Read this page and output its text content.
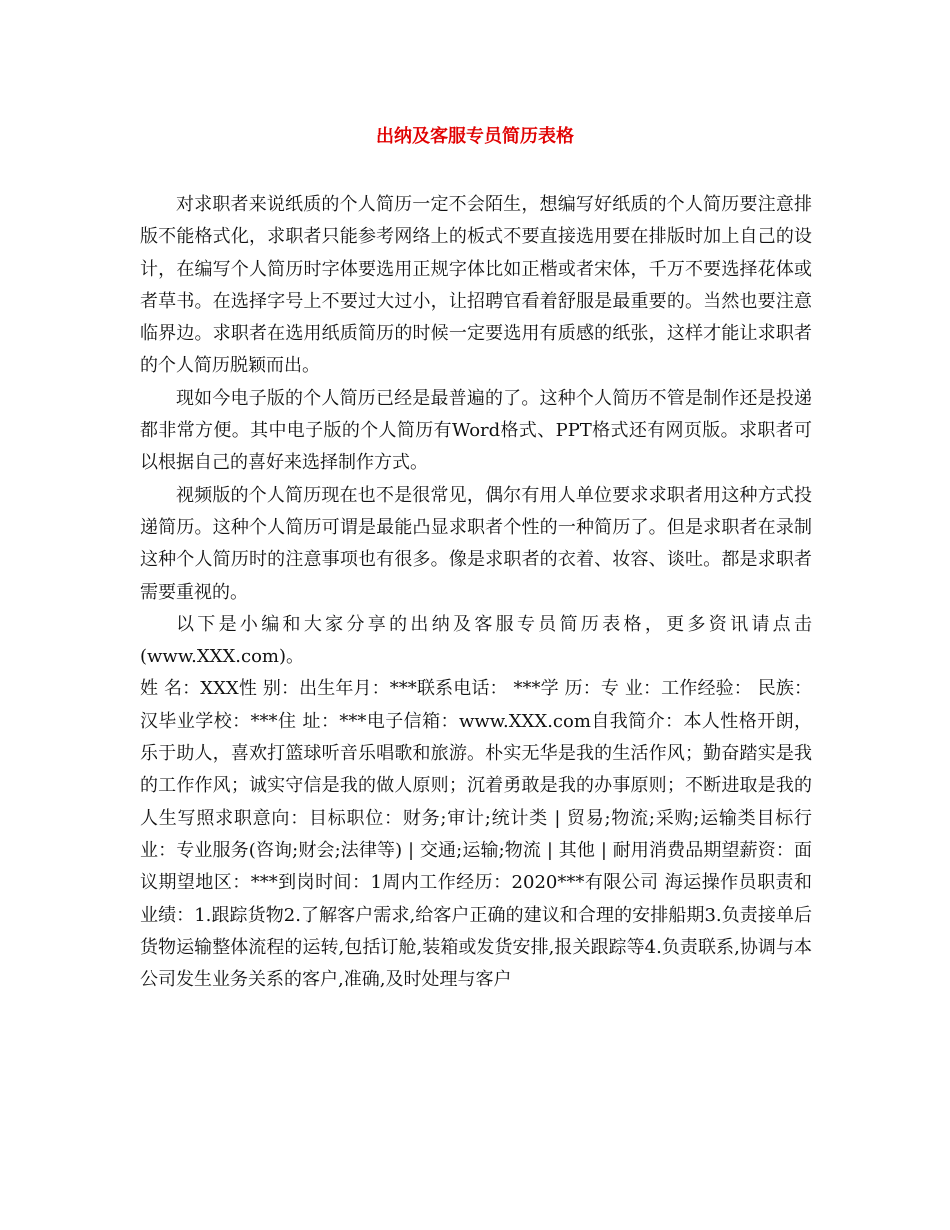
出纳及客服专员简历表格

对求职者来说纸质的个人简历一定不会陌生，想编写好纸质的个人简历要注意排版不能格式化，求职者只能参考网络上的板式不要直接选用要在排版时加上自己的设计，在编写个人简历时字体要选用正规字体比如正楷或者宋体，千万不要选择花体或者草书。在选择字号上不要过大过小，让招聘官看着舒服是最重要的。当然也要注意临界边。求职者在选用纸质简历的时候一定要选用有质感的纸张，这样才能让求职者的个人简历脱颖而出。

现如今电子版的个人简历已经是最普遍的了。这种个人简历不管是制作还是投递都非常方便。其中电子版的个人简历有Word格式、PPT格式还有网页版。求职者可以根据自己的喜好来选择制作方式。

视频版的个人简历现在也不是很常见，偶尔有用人单位要求求职者用这种方式投递简历。这种个人简历可谓是最能凸显求职者个性的一种简历了。但是求职者在录制这种个人简历时的注意事项也有很多。像是求职者的衣着、妆容、谈吐。都是求职者需要重视的。

以下是小编和大家分享的出纳及客服专员简历表格，更多资讯请点击(www.XXX.com)。

姓 名：XXX性 别：出生年月：***联系电话： ***学 历：专 业：工作经验： 民族：汉毕业学校：***住 址：***电子信箱：www.XXX.com自我简介：本人性格开朗，乐于助人，喜欢打篮球听音乐唱歌和旅游。朴实无华是我的生活作风；勤奋踏实是我的工作作风；诚实守信是我的做人原则；沉着勇敢是我的办事原则；不断进取是我的人生写照求职意向：目标职位：财务;审计;统计类 | 贸易;物流;采购;运输类目标行业：专业服务(咨询;财会;法律等) | 交通;运输;物流 | 其他 | 耐用消费品期望薪资：面议期望地区：***到岗时间：1周内工作经历：2020***有限公司 海运操作员职责和业绩：1.跟踪货物2.了解客户需求,给客户正确的建议和合理的安排船期3.负责接单后货物运输整体流程的运转,包括订舱,装箱或发货安排,报关跟踪等4.负责联系,协调与本公司发生业务关系的客户,准确,及时处理与客户
